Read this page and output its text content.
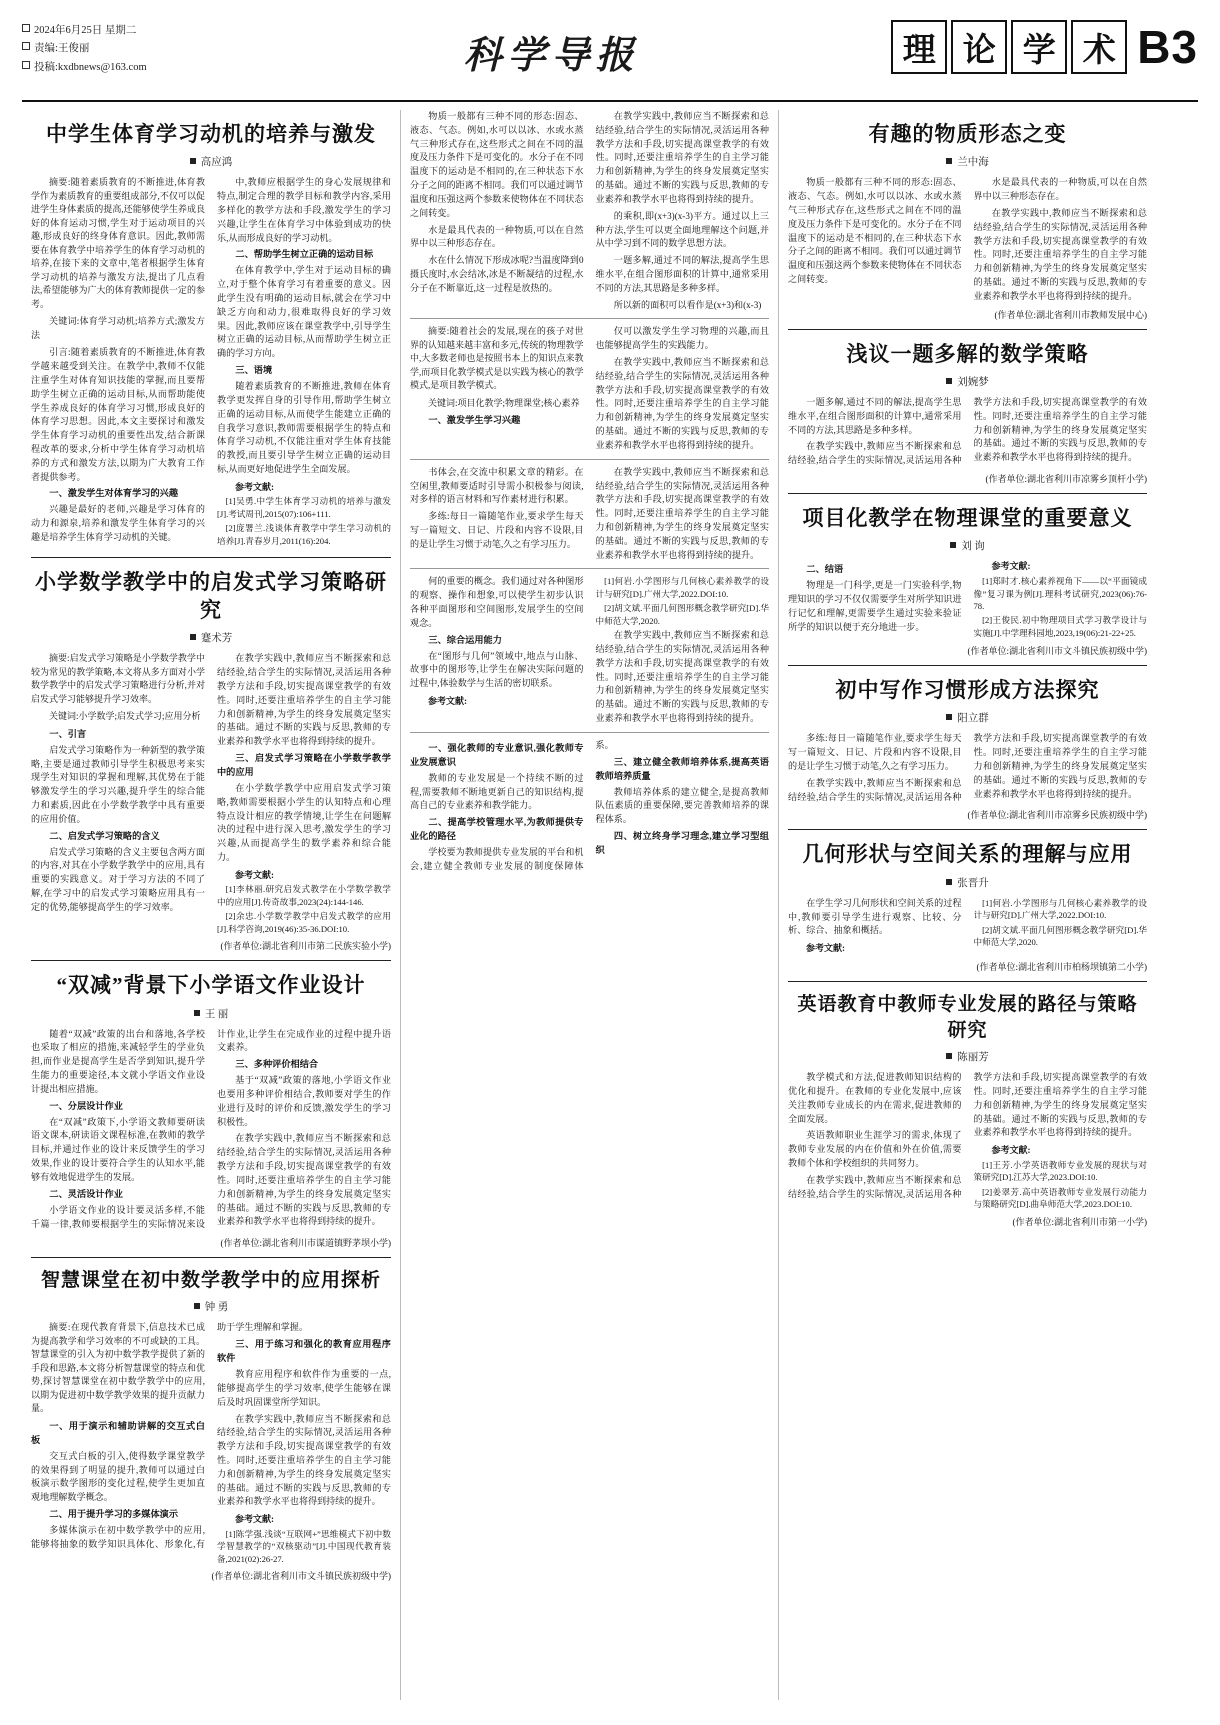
2024年6月25日 星期二
责编:王俊丽
投稿:kxdbnews@163.com	科学导报	理 论 学 术 B3
中学生体育学习动机的培养与激发
高应鸿
摘要:随着素质教育的不断推进,体育教学作为素质教育的重要组成部分,不仅可以促进学生身体素质的提高,还能够使学生养成良好的体育运动习惯,学生对于运动项目的兴趣,形成良好的终身体育意识。因此,教师需要在体育教学中培养学生的体育学习动机的培养,在接下来的文章中,笔者根据学生体育学习动机的培养与激发方法,提出了几点看法,希望能够为广大的体育教师提供一定的参考。
关键词:体育学习动机;培养方式;激发方法

引言:随着素质教育的不断推进,体育教学越来越受到关注。在教学中,教师不仅能注重学生对体育知识技能的掌握,而且要帮助学生树立正确的运动目标,从而帮助能使学生养成良好的体育学习习惯,形成良好的体育学习思想。因此,本文主要探讨和激发学生体育学习动机的重要性出发,结合新课程改革的要求,分析中学生体育学习动机培养的方式和激发方法,以期为广大教育工作者提供参考。

一、激发学生对体育学习的兴趣

兴趣是最好的老师,兴趣是学习体育的动力和源泉,培养和激发学生体育学习的兴趣是培养学生体育学习动机的关键。

中,教师应根据学生的身心发展规律和特点,制定合理的教学目标和教学内容,采用多样化的教学方法和手段,激发学生的学习兴趣,让学生在体育学习中体验到成功的快乐,从而形成良好的学习动机。

二、帮助学生树立正确的运动目标

在体育教学中,学生对于运动目标的确立,对于整个体育学习有着重要的意义。因此学生没有明确的运动目标,就会在学习中缺乏方向和动力,很难取得良好的学习效果。因此,教师应该在课堂教学中,引导学生树立正确的运动目标,从而帮助学生树立正确的学习方向。

三、语境

随着素质教育的不断推进,教师在体育教学更发挥自身的引导作用,帮助学生树立正确的运动目标,从而使学生能建立正确的自我学习意识,教师需要根据学生的特点和体育学习动机,不仅能注重对学生体育技能的教授,而且要引导学生树立正确的运动目标,从而更好地促进学生全面发展。

参考文献:
[1]吴勇.中学生体育学习动机的培养与激发[J].考试周刊,2015(07):106+111.
[2]庞署兰.浅谈体育教学中学生学习动机的培养[J].青春岁月,2011(16):204.
小学数学教学中的启发式学习策略研究
蹇术芳
摘要:启发式学习策略是小学数学教学中较为常见的教学策略,本文将从多方面对小学数学教学中的启发式学习策略进行分析,并对启发式学习能够提升学习效率。
关键词:小学数学;启发式学习;应用分析
一、引言

启发式学习策略作为一种新型的教学策略,主要是通过教师引导学生积极思考来实现学生对知识的掌握和理解,其优势在于能够激发学生的学习兴趣,提升学生的综合能力和素质,因此在小学数学教学中具有重要的应用价值。

二、启发式学习策略的含义

启发式学习策略的含义主要包含两方面的内容,对其在小学数学教学中的应用,具有重要的实践意义。对于学习方法的不同了解,在学习中的启发式学习策略应用具有一定的优势,能够提高学生的学习效率。

在教学实践中,教师应当不断探索和总结经验,结合学生的实际情况,灵活运用各种教学方法和手段,切实提高课堂教学的有效性。同时,还要注重培养学生的自主学习能力和创新精神,为学生的终身发展奠定坚实的基础。通过不断的实践与反思,教师的专业素养和教学水平也将得到持续的提升。

三、启发式学习策略在小学数学教学中的应用

在小学数学教学中应用启发式学习策略,教师需要根据小学生的认知特点和心理特点设计相应的教学情境,让学生在问题解决的过程中进行深入思考,激发学生的学习兴趣,从而提高学生的数学素养和综合能力。

参考文献:
[1]李林丽.研究启发式教学在小学数学教学中的应用[J].传奇故事,2023(24):144-146.
[2]余忠.小学数学教学中启发式教学的应用[J].科学咨询,2019(46):35-36.DOI:10.
(作者单位:湖北省利川市第二民族实验小学)
“双减”背景下小学语文作业设计
王 丽

随着“双减”政策的出台和落地,各学校也采取了相应的措施,来减轻学生的学业负担,而作业是提高学生是否学到知识,提升学生能力的重要途径,本文就小学语文作业设计提出相应措施。

一、分层设计作业

在“双减”政策下,小学语文教师要研读语文课本,研读语文课程标准,在教师的教学目标,并通过作业的设计来反馈学生的学习效果,作业的设计要符合学生的认知水平,能够有效地促进学生的发展。

二、灵活设计作业

小学语文作业的设计要灵活多样,不能千篇一律,教师要根据学生的实际情况来设计作业,让学生在完成作业的过程中提升语文素养。

三、多种评价相结合

基于“双减”政策的落地,小学语文作业也要用多种评价相结合,教师要对学生的作业进行及时的评价和反馈,激发学生的学习积极性。

在教学实践中,教师应当不断探索和总结经验,结合学生的实际情况,灵活运用各种教学方法和手段,切实提高课堂教学的有效性。同时,还要注重培养学生的自主学习能力和创新精神,为学生的终身发展奠定坚实的基础。通过不断的实践与反思,教师的专业素养和教学水平也将得到持续的提升。

(作者单位:湖北省利川市谋道镇野茅坝小学)
智慧课堂在初中数学教学中的应用探析
钟 勇
摘要:在现代教育背景下,信息技术已成为提高教学和学习效率的不可或缺的工具。智慧课堂的引入为初中数学教学提供了新的手段和思路,本文将分析智慧课堂的特点和优势,探讨智慧课堂在初中数学教学中的应用,以期为促进初中数学教学效果的提升贡献力量。
一、用于演示和辅助讲解的交互式白板

交互式白板的引入,使得数学课堂教学的效果得到了明显的提升,教师可以通过白板演示数学图形的变化过程,使学生更加直观地理解数学概念。

二、用于提升学习的多媒体演示

多媒体演示在初中数学教学中的应用,能够将抽象的数学知识具体化、形象化,有助于学生理解和掌握。

三、用于练习和强化的教育应用程序软件

教育应用程序和软件作为重要的一点,能够提高学生的学习效率,使学生能够在课后及时巩固课堂所学知识。

在教学实践中,教师应当不断探索和总结经验,结合学生的实际情况,灵活运用各种教学方法和手段,切实提高课堂教学的有效性。同时,还要注重培养学生的自主学习能力和创新精神,为学生的终身发展奠定坚实的基础。通过不断的实践与反思,教师的专业素养和教学水平也将得到持续的提升。

参考文献:
[1]陈学强.浅谈“互联网+”思维模式下初中数学智慧教学的“双核驱动”[J].中国现代教育装备,2021(02):26-27.
(作者单位:湖北省利川市文斗镇民族初级中学)

物质一般都有三种不同的形态:固态、液态、气态。例如,水可以以冰、水或水蒸气三种形式存在,这些形式之间在不同的温度及压力条件下是可变化的。水分子在不同温度下的运动是不相同的,在三种状态下水分子之间的距离不相同。我们可以通过调节温度和压强这两个参数来使物体在不同状态之间转变。

水是最具代表的一种物质,可以在自然界中以三种形态存在。

水在什么情况下形成冰呢?当温度降到0摄氏度时,水会结冰,冰是不断凝结的过程,水分子在不断靠近,这一过程是放热的。

在教学实践中,教师应当不断探索和总结经验,结合学生的实际情况,灵活运用各种教学方法和手段,切实提高课堂教学的有效性。同时,还要注重培养学生的自主学习能力和创新精神,为学生的终身发展奠定坚实的基础。通过不断的实践与反思,教师的专业素养和教学水平也将得到持续的提升。

的乘积,即(x+3)(x-3)平方。通过以上三种方法,学生可以更全面地理解这个问题,并从中学习到不同的数学思想方法。

一题多解,通过不同的解法,提高学生思维水平,在组合图形面积的计算中,通常采用不同的方法,其思路是多种多样。

所以新的面积可以看作是(x+3)和(x-3)

摘要:随着社会的发展,现在的孩子对世界的认知越来越丰富和多元,传统的物理教学中,大多数老师也是按照书本上的知识点来教学,而项目化教学模式是以实践为核心的教学模式,是项目教学模式。
关键词:项目化教学;物理课堂;核心素养
一、激发学生学习兴趣

仅可以激发学生学习物理的兴趣,而且也能够提高学生的实践能力。

在教学实践中,教师应当不断探索和总结经验,结合学生的实际情况,灵活运用各种教学方法和手段,切实提高课堂教学的有效性。同时,还要注重培养学生的自主学习能力和创新精神,为学生的终身发展奠定坚实的基础。通过不断的实践与反思,教师的专业素养和教学水平也将得到持续的提升。

书体会,在交流中积累文章的精彩。在空闲里,教师要适时引导需小积极参与阅读,对多样的语言材料和写作素材进行积累。

多练:每日一篇随笔作业,要求学生每天写一篇短文、日记、片段和内容不设限,目的是让学生习惯于动笔,久之有学习压力。

在教学实践中,教师应当不断探索和总结经验,结合学生的实际情况,灵活运用各种教学方法和手段,切实提高课堂教学的有效性。同时,还要注重培养学生的自主学习能力和创新精神,为学生的终身发展奠定坚实的基础。通过不断的实践与反思,教师的专业素养和教学水平也将得到持续的提升。

何的重要的概念。我们通过对各种图形的观察、操作和想象,可以使学生初步认识各种平面图形和空间图形,发展学生的空间观念。

三、综合运用能力

在“图形与几何”领域中,地点与山脉、故事中的图形等,让学生在解决实际问题的过程中,体验数学与生活的密切联系。

参考文献:
[1]何岩.小学图形与几何核心素养教学的设计与研究[D].广州大学,2022.DOI:10.
[2]胡文斌.平面几何图形概念教学研究[D].华中师范大学,2020.

在教学实践中,教师应当不断探索和总结经验,结合学生的实际情况,灵活运用各种教学方法和手段,切实提高课堂教学的有效性。同时,还要注重培养学生的自主学习能力和创新精神,为学生的终身发展奠定坚实的基础。通过不断的实践与反思,教师的专业素养和教学水平也将得到持续的提升。

一、强化教师的专业意识,强化教师专业发展意识

教师的专业发展是一个持续不断的过程,需要教师不断地更新自己的知识结构,提高自己的专业素养和教学能力。

二、提高学校管理水平,为教师提供专业化的路径

学校要为教师提供专业发展的平台和机会,建立健全教师专业发展的制度保障体系。

三、建立健全教师培养体系,提高英语教师培养质量

教师培养体系的建立健全,是提高教师队伍素质的重要保障,要完善教师培养的课程体系。

四、树立终身学习理念,建立学习型组织
有趣的物质形态之变
兰中海

物质一般都有三种不同的形态:固态、液态、气态。例如,水可以以冰、水或水蒸气三种形式存在,这些形式之间在不同的温度及压力条件下是可变化的。水分子在不同温度下的运动是不相同的,在三种状态下水分子之间的距离不相同。我们可以通过调节温度和压强这两个参数来使物体在不同状态之间转变。

水是最具代表的一种物质,可以在自然界中以三种形态存在。

在教学实践中,教师应当不断探索和总结经验,结合学生的实际情况,灵活运用各种教学方法和手段,切实提高课堂教学的有效性。同时,还要注重培养学生的自主学习能力和创新精神,为学生的终身发展奠定坚实的基础。通过不断的实践与反思,教师的专业素养和教学水平也将得到持续的提升。

(作者单位:湖北省利川市教师发展中心)
浅议一题多解的数学策略
刘婉梦

一题多解,通过不同的解法,提高学生思维水平,在组合图形面积的计算中,通常采用不同的方法,其思路是多种多样。

在教学实践中,教师应当不断探索和总结经验,结合学生的实际情况,灵活运用各种教学方法和手段,切实提高课堂教学的有效性。同时,还要注重培养学生的自主学习能力和创新精神,为学生的终身发展奠定坚实的基础。通过不断的实践与反思,教师的专业素养和教学水平也将得到持续的提升。

(作者单位:湖北省利川市凉雾乡顶杆小学)
项目化教学在物理课堂的重要意义
刘 询
二、结语

物理是一门科学,更是一门实验科学,物理知识的学习不仅仅需要学生对所学知识进行记忆和理解,更需要学生通过实验来验证所学的知识以便于充分地进一步。

参考文献:
[1]郑时才.核心素养视角下——以“平面镜成像”复习课为例[J].理科考试研究,2023(06):76-78.
[2]王俊民.初中物理项目式学习教学设计与实施[J].中学理科园地,2023,19(06):21-22+25.
(作者单位:湖北省利川市文斗镇民族初级中学)
初中写作习惯形成方法探究
阳立群

多练:每日一篇随笔作业,要求学生每天写一篇短文、日记、片段和内容不设限,目的是让学生习惯于动笔,久之有学习压力。

在教学实践中,教师应当不断探索和总结经验,结合学生的实际情况,灵活运用各种教学方法和手段,切实提高课堂教学的有效性。同时,还要注重培养学生的自主学习能力和创新精神,为学生的终身发展奠定坚实的基础。通过不断的实践与反思,教师的专业素养和教学水平也将得到持续的提升。

(作者单位:湖北省利川市凉雾乡民族初级中学)
几何形状与空间关系的理解与应用
张晋升

在学生学习几何形状和空间关系的过程中,教师要引导学生进行观察、比较、分析、综合、抽象和概括。

参考文献:
[1]何岩.小学图形与几何核心素养教学的设计与研究[D].广州大学,2022.DOI:10.
[2]胡文斌.平面几何图形概念教学研究[D].华中师范大学,2020.
(作者单位:湖北省利川市柏杨坝镇第二小学)
英语教育中教师专业发展的路径与策略研究
陈丽芳

教学模式和方法,促进教师知识结构的优化和提升。在教师的专业化发展中,应该关注教师专业成长的内在需求,促进教师的全面发展。

英语教师职业生涯学习的需求,体现了教师专业发展的内在价值和外在价值,需要教师个体和学校组织的共同努力。

在教学实践中,教师应当不断探索和总结经验,结合学生的实际情况,灵活运用各种教学方法和手段,切实提高课堂教学的有效性。同时,还要注重培养学生的自主学习能力和创新精神,为学生的终身发展奠定坚实的基础。通过不断的实践与反思,教师的专业素养和教学水平也将得到持续的提升。

参考文献:
[1]王芳.小学英语教师专业发展的现状与对策研究[D].江苏大学,2023.DOI:10.
[2]姜翠芳.高中英语教师专业发展行动能力与策略研究[D].曲阜师范大学,2023.DOI:10.
(作者单位:湖北省利川市第一小学)
